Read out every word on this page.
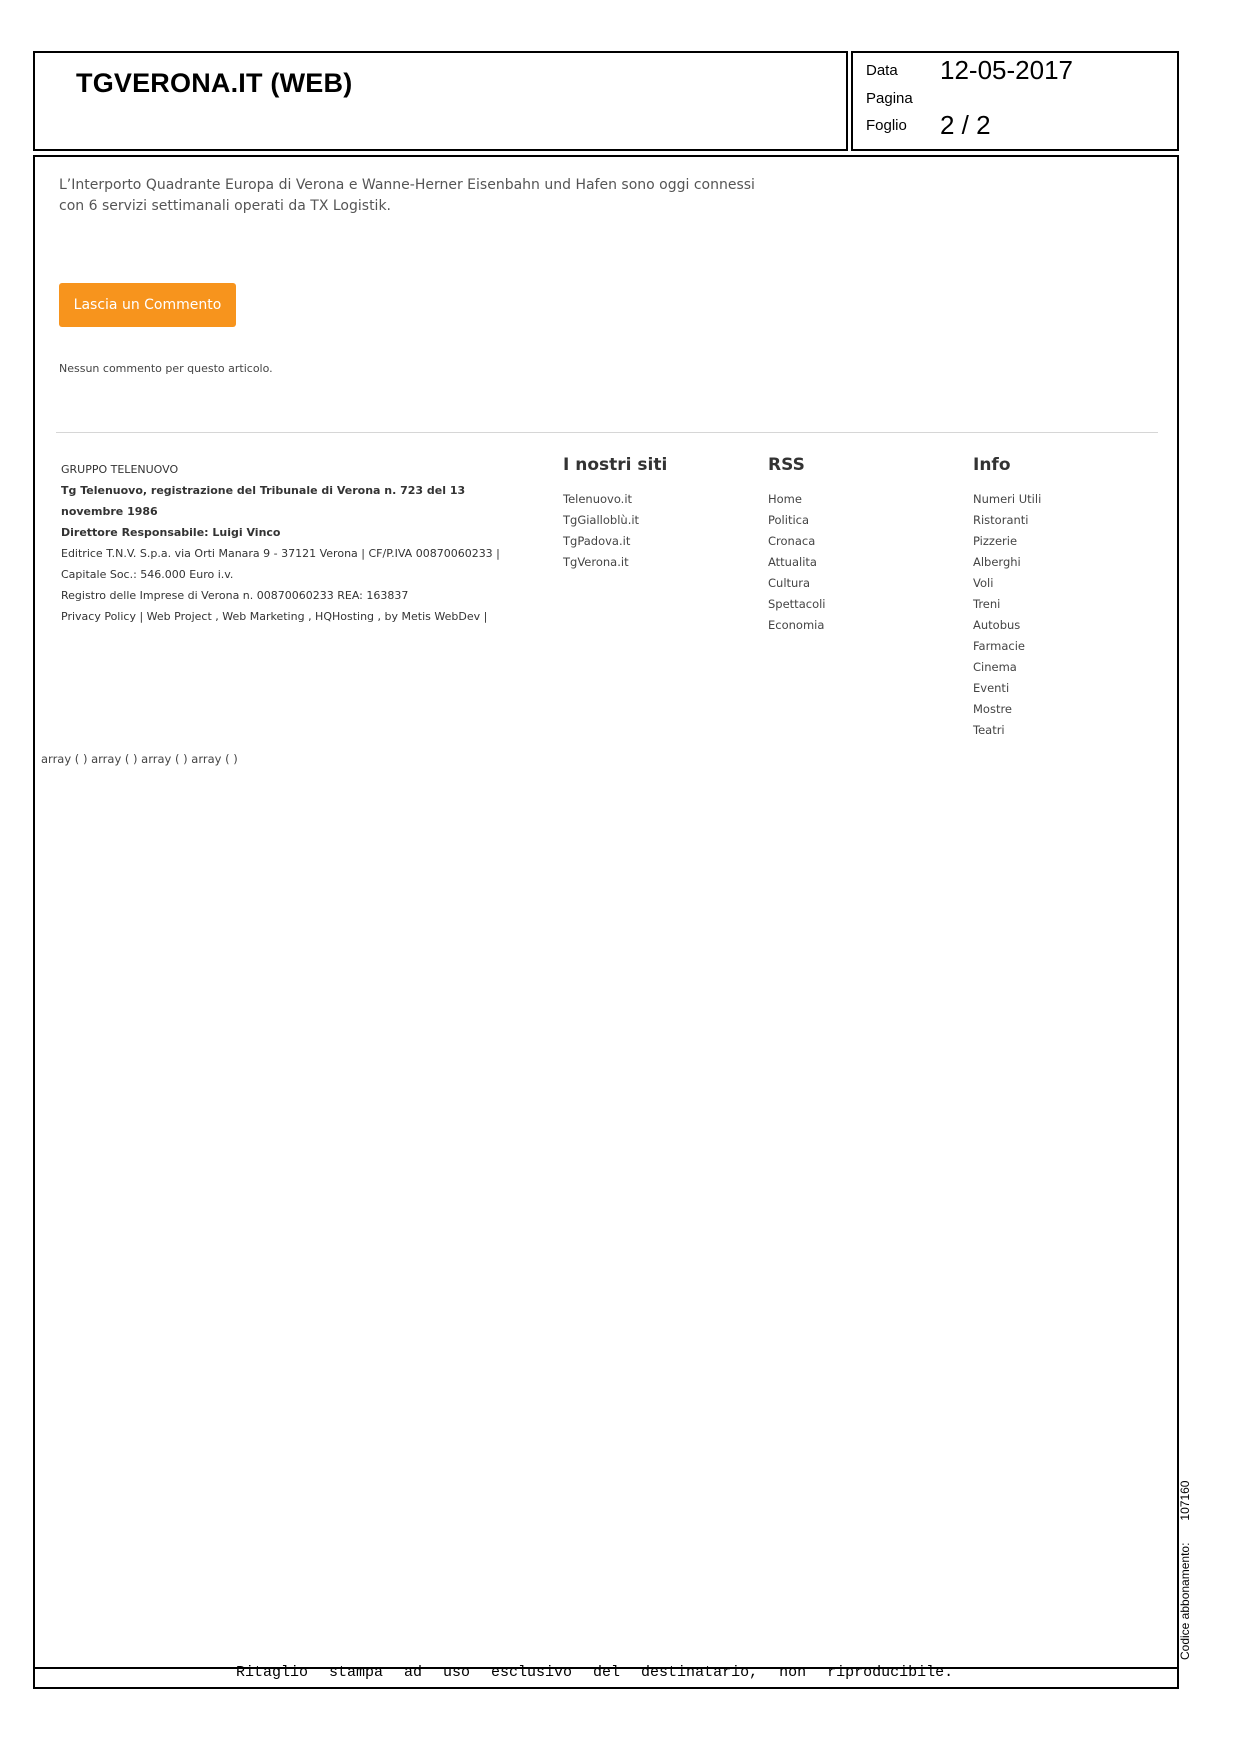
TGVERONA.IT (WEB)	Data 12-05-2017
Pagina
Foglio 2 / 2
L’Interporto Quadrante Europa di Verona e Wanne-Herner Eisenbahn und Hafen sono oggi connessi con 6 servizi settimanali operati da TX Logistik.
Lascia un Commento
Nessun commento per questo articolo.
GRUPPO TELENUOVO
Tg Telenuovo, registrazione del Tribunale di Verona n. 723 del 13 novembre 1986
Direttore Responsabile: Luigi Vinco
Editrice T.N.V. S.p.a. via Orti Manara 9 - 37121 Verona | CF/P.IVA 00870060233 |
Capitale Soc.: 546.000 Euro i.v.
Registro delle Imprese di Verona n. 00870060233 REA: 163837
Privacy Policy | Web Project , Web Marketing , HQHosting , by Metis WebDev |
I nostri siti
Telenuovo.it
TgGialloblù.it
TgPadova.it
TgVerona.it
RSS
Home
Politica
Cronaca
Attualita
Cultura
Spettacoli
Economia
Info
Numeri Utili
Ristoranti
Pizzerie
Alberghi
Voli
Treni
Autobus
Farmacie
Cinema
Eventi
Mostre
Teatri
array ( ) array ( ) array ( ) array ( )
Ritaglio stampa ad uso esclusivo del destinatario, non riproducibile.
Codice abbonamento:107160
